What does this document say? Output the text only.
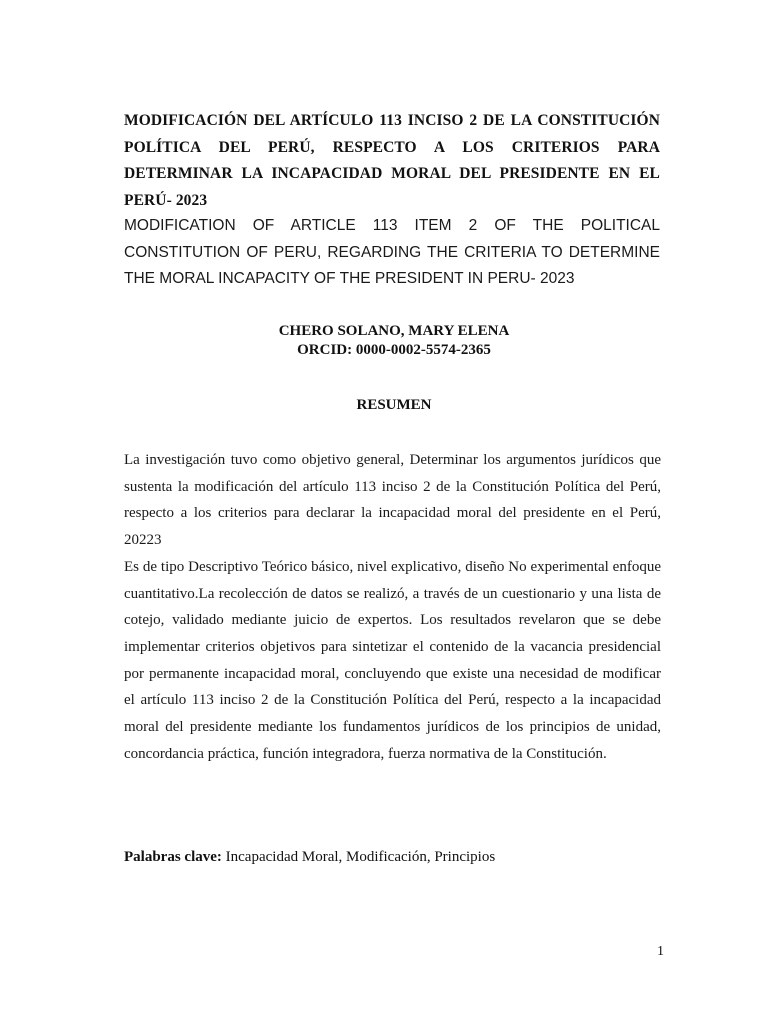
MODIFICACIÓN DEL ARTÍCULO 113 INCISO 2 DE LA CONSTITUCIÓN POLÍTICA DEL PERÚ, RESPECTO A LOS CRITERIOS PARA DETERMINAR LA INCAPACIDAD MORAL DEL PRESIDENTE EN EL PERÚ- 2023
MODIFICATION OF ARTICLE 113 ITEM 2 OF THE POLITICAL CONSTITUTION OF PERU, REGARDING THE CRITERIA TO DETERMINE THE MORAL INCAPACITY OF THE PRESIDENT IN PERU- 2023
CHERO SOLANO, MARY ELENA
ORCID: 0000-0002-5574-2365
RESUMEN

La investigación tuvo como objetivo general, Determinar los argumentos jurídicos que sustenta la modificación del artículo 113 inciso 2 de la Constitución Política del Perú, respecto a los criterios para declarar la incapacidad moral del presidente en el Perú, 20223

Es de tipo Descriptivo Teórico básico, nivel explicativo, diseño No experimental enfoque cuantitativo.La recolección de datos se realizó, a través de un cuestionario y una lista de cotejo, validado mediante juicio de expertos. Los resultados revelaron que se debe implementar criterios objetivos para sintetizar el contenido de la vacancia presidencial por permanente incapacidad moral, concluyendo que existe una necesidad de modificar el artículo 113 inciso 2 de la Constitución Política del Perú, respecto a la incapacidad moral del presidente mediante los fundamentos jurídicos de los principios de unidad, concordancia práctica, función integradora, fuerza normativa de la Constitución.

Palabras clave: Incapacidad Moral, Modificación, Principios
1
